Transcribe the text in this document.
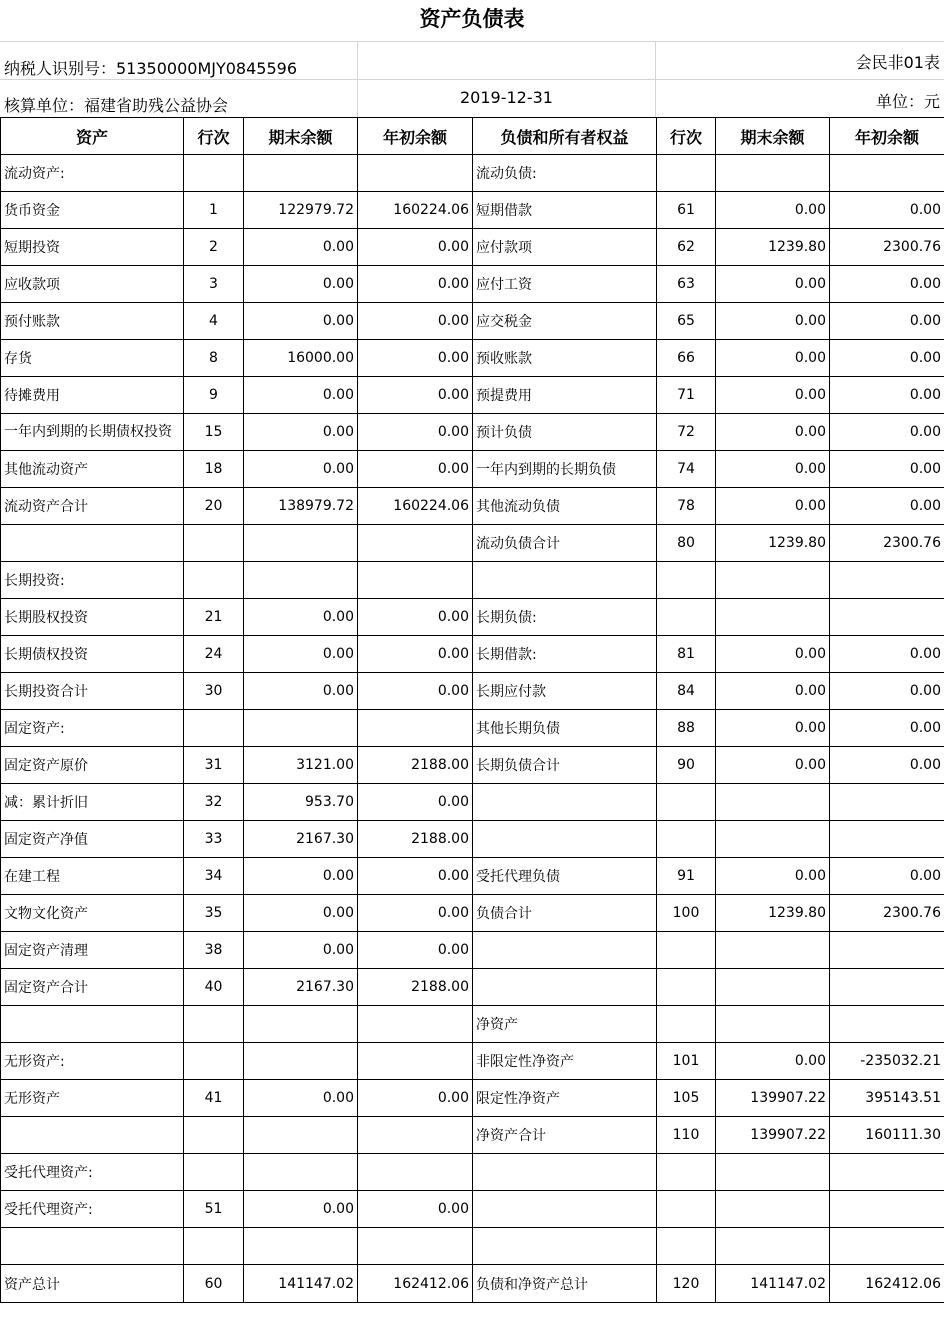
资产负债表
纳税人识别号：51350000MJY0845596	会民非01表
核算单位：福建省助残公益协会	2019-12-31	单位：元
资产	行次	期末余额	年初余额	负债和所有者权益	行次	期末余额	年初余额
流动资产:				流动负债:			
货币资金	1	122979.72	160224.06	短期借款	61	0.00	0.00
短期投资	2	0.00	0.00	应付款项	62	1239.80	2300.76
应收款项	3	0.00	0.00	应付工资	63	0.00	0.00
预付账款	4	0.00	0.00	应交税金	65	0.00	0.00
存货	8	16000.00	0.00	预收账款	66	0.00	0.00
待摊费用	9	0.00	0.00	预提费用	71	0.00	0.00
一年内到期的长期债权投资	15	0.00	0.00	预计负债	72	0.00	0.00
其他流动资产	18	0.00	0.00	一年内到期的长期负债	74	0.00	0.00
流动资产合计	20	138979.72	160224.06	其他流动负债	78	0.00	0.00
				流动负债合计	80	1239.80	2300.76
长期投资:							
长期股权投资	21	0.00	0.00	长期负债:			
长期债权投资	24	0.00	0.00	长期借款:	81	0.00	0.00
长期投资合计	30	0.00	0.00	长期应付款	84	0.00	0.00
固定资产:				其他长期负债	88	0.00	0.00
固定资产原价	31	3121.00	2188.00	长期负债合计	90	0.00	0.00
减：累计折旧	32	953.70	0.00				
固定资产净值	33	2167.30	2188.00				
在建工程	34	0.00	0.00	受托代理负债	91	0.00	0.00
文物文化资产	35	0.00	0.00	负债合计	100	1239.80	2300.76
固定资产清理	38	0.00	0.00				
固定资产合计	40	2167.30	2188.00				
				净资产			
无形资产:				非限定性净资产	101	0.00	-235032.21
无形资产	41	0.00	0.00	限定性净资产	105	139907.22	395143.51
				净资产合计	110	139907.22	160111.30
受托代理资产:							
受托代理资产:	51	0.00	0.00				

资产总计	60	141147.02	162412.06	负债和净资产总计	120	141147.02	162412.06
